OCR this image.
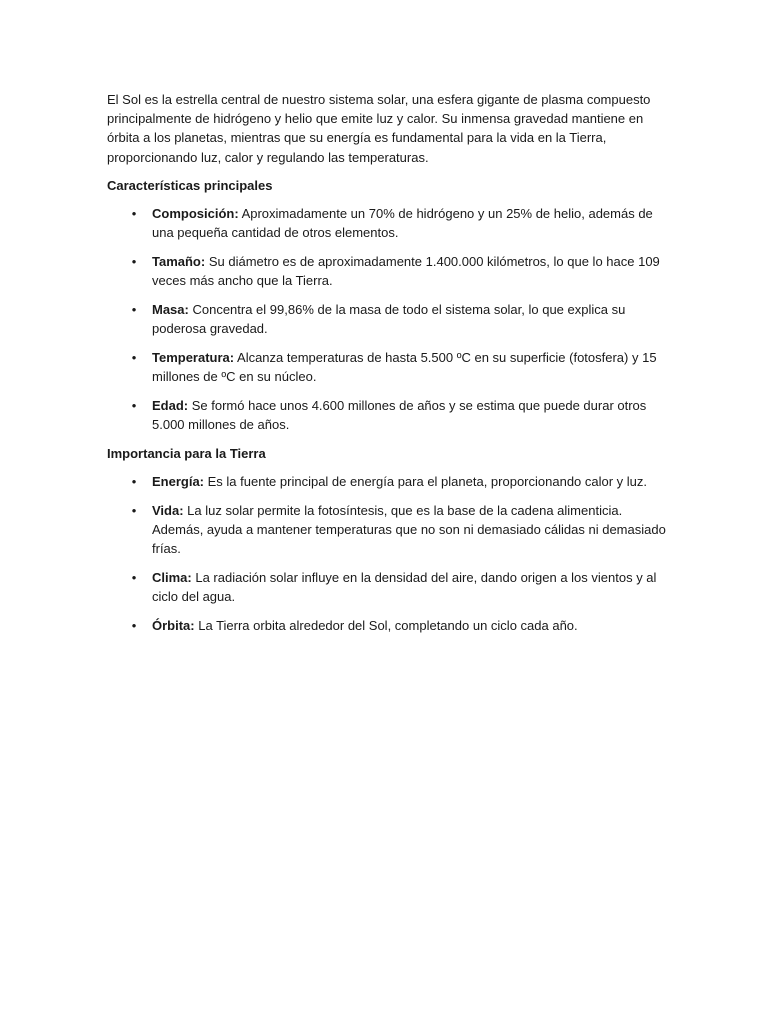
El Sol es la estrella central de nuestro sistema solar, una esfera gigante de plasma compuesto principalmente de hidrógeno y helio que emite luz y calor. Su inmensa gravedad mantiene en órbita a los planetas, mientras que su energía es fundamental para la vida en la Tierra, proporcionando luz, calor y regulando las temperaturas.

Características principales

• Composición: Aproximadamente un 70% de hidrógeno y un 25% de helio, además de una pequeña cantidad de otros elementos.
• Tamaño: Su diámetro es de aproximadamente 1.400.000 kilómetros, lo que lo hace 109 veces más ancho que la Tierra.
• Masa: Concentra el 99,86% de la masa de todo el sistema solar, lo que explica su poderosa gravedad.
• Temperatura: Alcanza temperaturas de hasta 5.500 ºC en su superficie (fotosfera) y 15 millones de ºC en su núcleo.
• Edad: Se formó hace unos 4.600 millones de años y se estima que puede durar otros 5.000 millones de años.

Importancia para la Tierra

• Energía: Es la fuente principal de energía para el planeta, proporcionando calor y luz.
• Vida: La luz solar permite la fotosíntesis, que es la base de la cadena alimenticia. Además, ayuda a mantener temperaturas que no son ni demasiado cálidas ni demasiado frías.
• Clima: La radiación solar influye en la densidad del aire, dando origen a los vientos y al ciclo del agua.
• Órbita: La Tierra orbita alrededor del Sol, completando un ciclo cada año.
